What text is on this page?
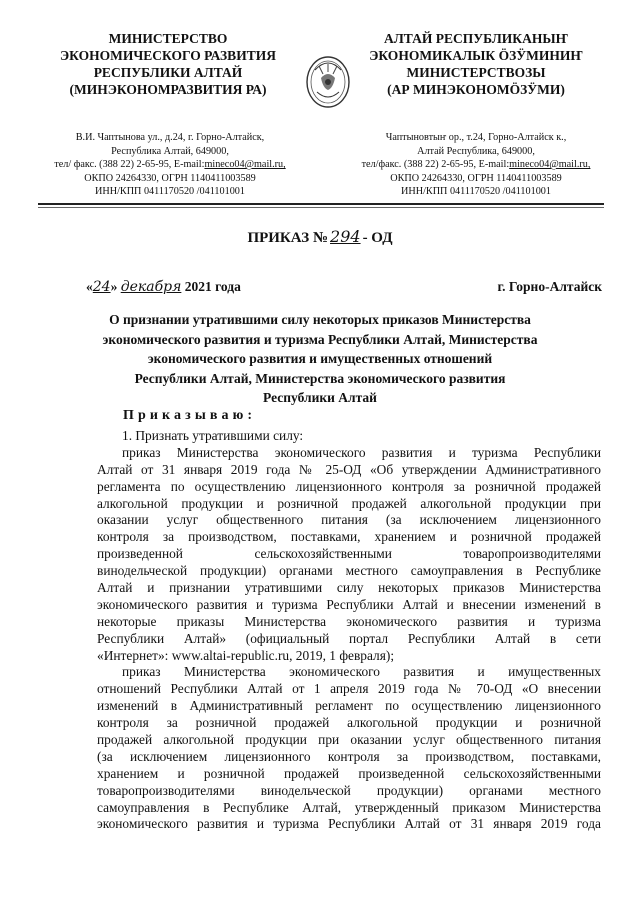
МИНИСТЕРСТВО
ЭКОНОМИЧЕСКОГО РАЗВИТИЯ
РЕСПУБЛИКИ АЛТАЙ
(МИНЭКОНОМРАЗВИТИЯ РА)
АЛТАЙ РЕСПУБЛИКАНЫҤ
ЭКОНОМИКАЛЫК ӦЗӰМИНИҤ
МИНИСТЕРСТВОЗЫ
(АР МИНЭКОНОМӦЗӰМИ)
В.И. Чаптынова ул., д.24, г. Горно-Алтайск,
Республика Алтай, 649000,
тел/ факс. (388 22) 2-65-95, E-mail:mineco04@mail.ru,
ОКПО 24264330, ОГРН 1140411003589
ИНН/КПП 0411170520 /041101001
Чаптыновтыҥ ор., т.24, Горно-Алтайск к.,
Алтай Республика, 649000,
тел/факс. (388 22) 2-65-95, E-mail:mineco04@mail.ru,
ОКПО 24264330, ОГРН 1140411003589
ИНН/КПП 0411170520 /041101001
ПРИКАЗ № 294 - ОД
«24» декабря 2021 года	г. Горно-Алтайск
О признании утратившими силу некоторых приказов Министерства
экономического развития и туризма Республики Алтай, Министерства
экономического развития и имущественных отношений
Республики Алтай, Министерства экономического развития
Республики Алтай
Приказываю:
1. Признать утратившими силу:
приказ Министерства экономического развития и туризма Республики
Алтай от 31 января 2019 года № 25-ОД «Об утверждении Административного
регламента по осуществлению лицензионного контроля за розничной продажей
алкогольной продукции и розничной продажей алкогольной продукции при
оказании услуг общественного питания (за исключением лицензионного
контроля за производством, поставками, хранением и розничной продажей
произведенной сельскохозяйственными товаропроизводителями
винодельческой продукции) органами местного самоуправления в Республике
Алтай и признании утратившими силу некоторых приказов Министерства
экономического развития и туризма Республики Алтай и внесении изменений в
некоторые приказы Министерства экономического развития и туризма
Республики Алтай» (официальный портал Республики Алтай в сети
«Интернет»: www.altai-republic.ru, 2019, 1 февраля);
приказ Министерства экономического развития и имущественных
отношений Республики Алтай от 1 апреля 2019 года № 70-ОД «О внесении
изменений в Административный регламент по осуществлению лицензионного
контроля за розничной продажей алкогольной продукции и розничной
продажей алкогольной продукции при оказании услуг общественного питания
(за исключением лицензионного контроля за производством, поставками,
хранением и розничной продажей произведенной сельскохозяйственными
товаропроизводителями винодельческой продукции) органами местного
самоуправления в Республике Алтай, утвержденный приказом Министерства
экономического развития и туризма Республики Алтай от 31 января 2019 года
